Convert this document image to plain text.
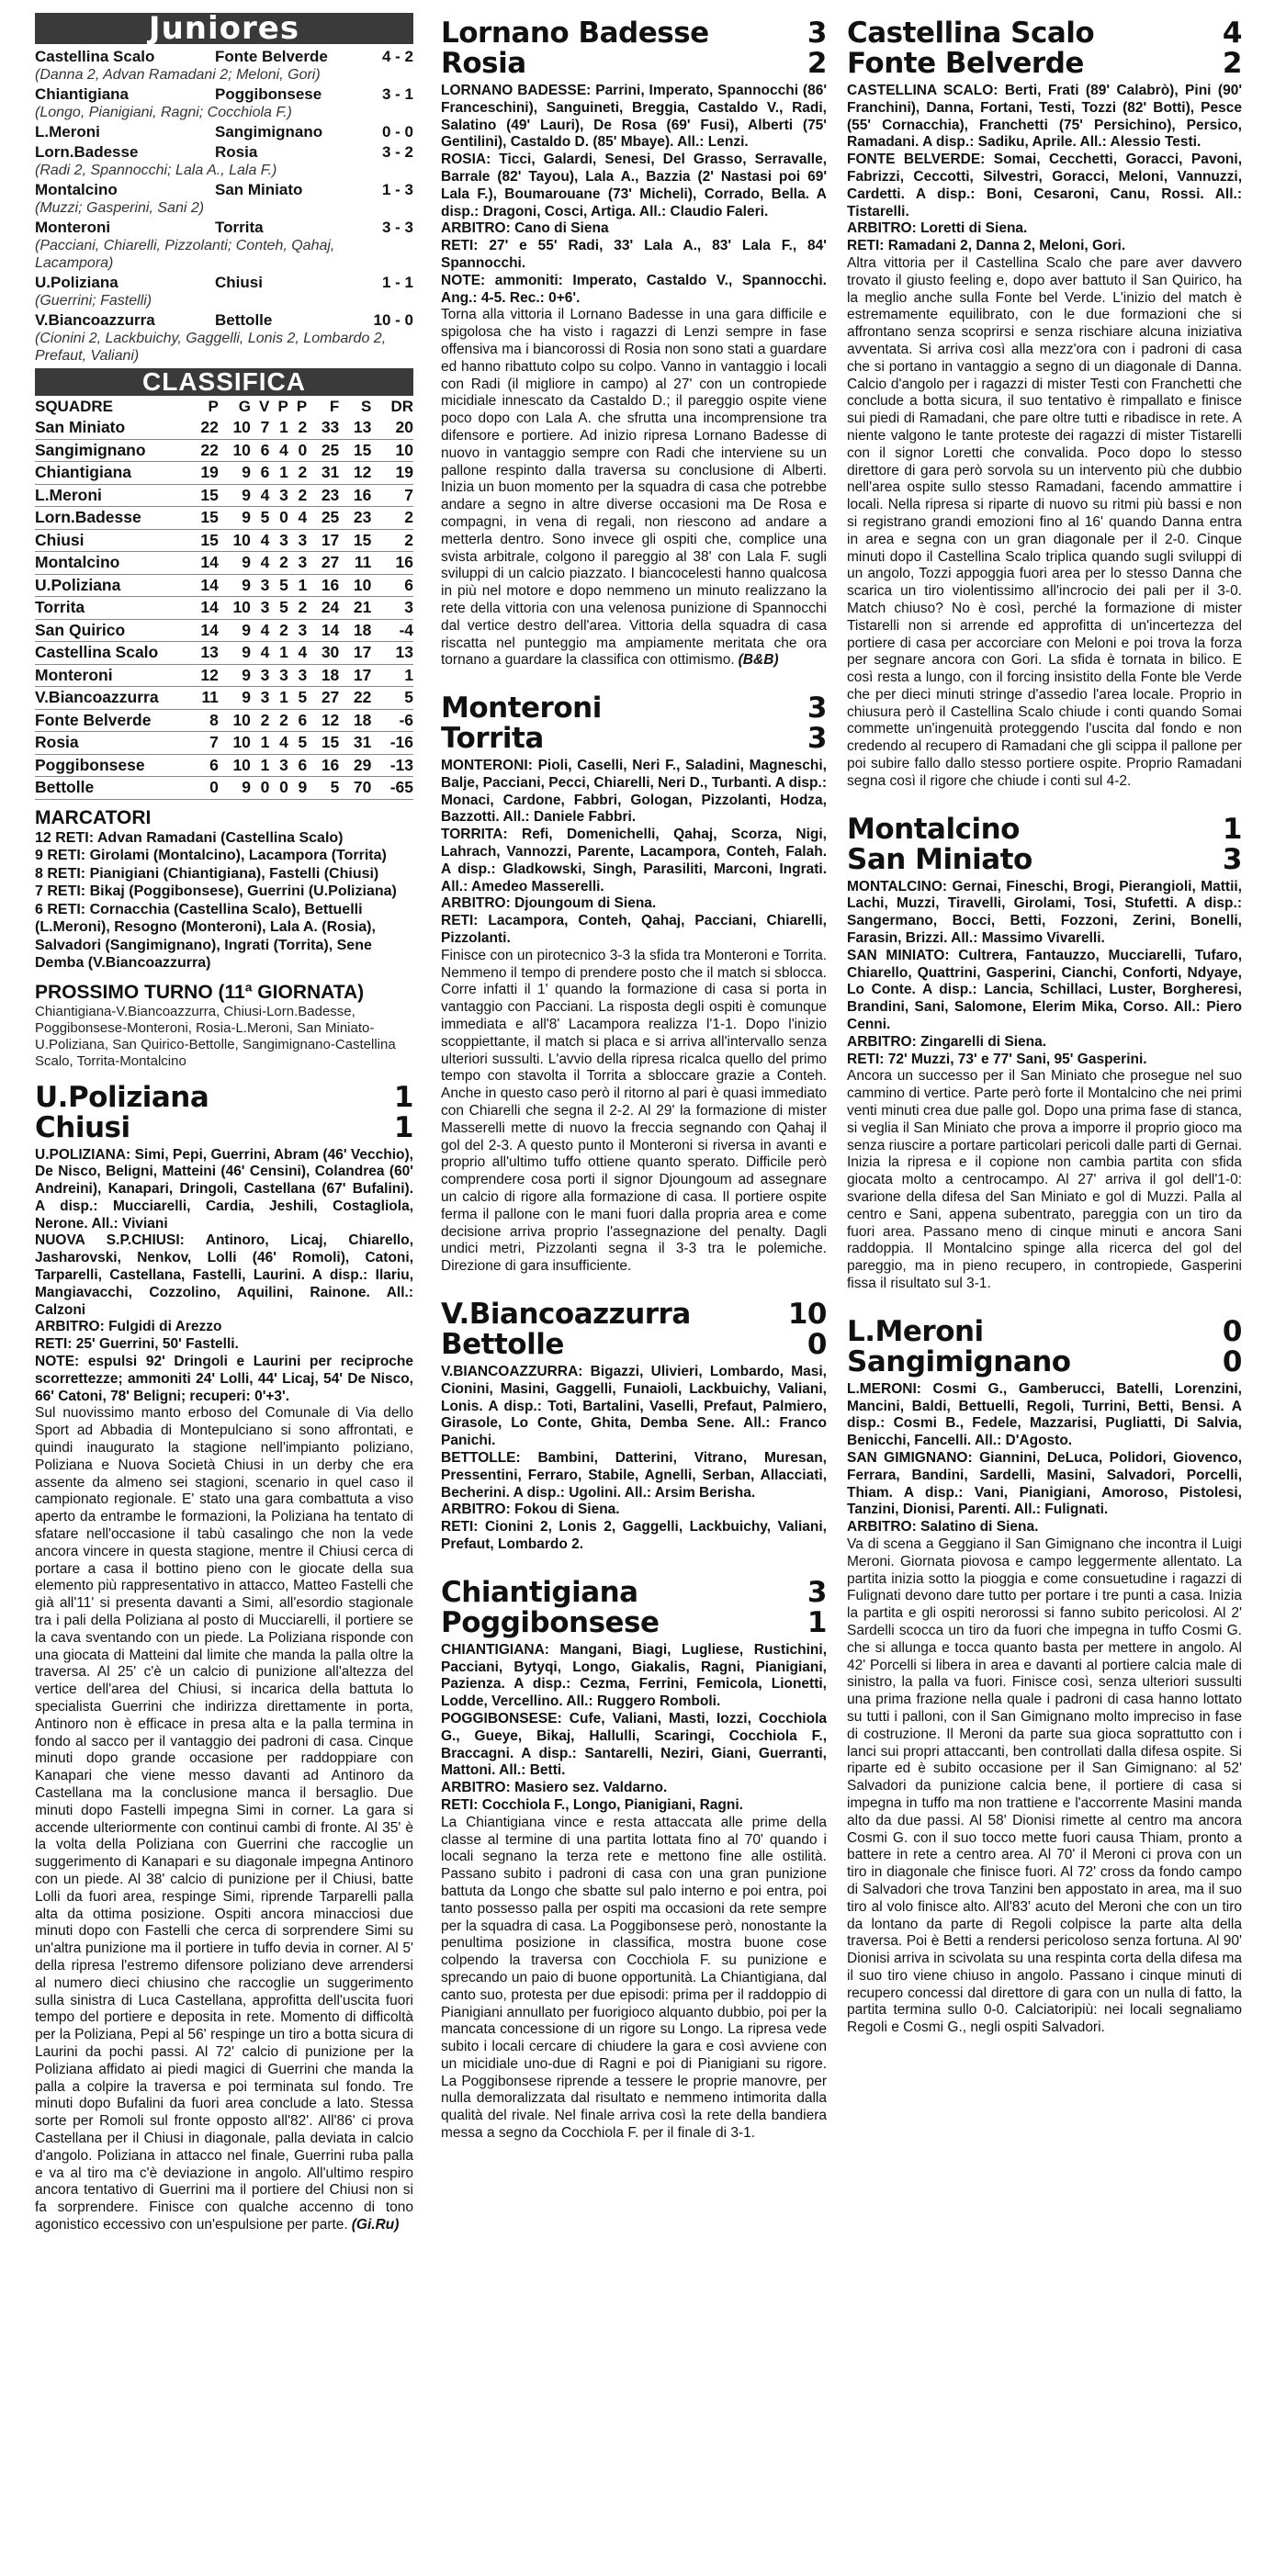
Juniores
Castellina Scalo	Fonte Belverde	4 - 2
(Danna 2, Advan Ramadani 2; Meloni, Gori)
Chiantigiana	Poggibonsese	3 - 1
(Longo, Pianigiani, Ragni; Cocchiola F.)
L.Meroni	Sangimignano	0 - 0
Lorn.Badesse	Rosia	3 - 2
(Radi 2, Spannocchi; Lala A., Lala F.)
Montalcino	San Miniato	1 - 3
(Muzzi; Gasperini, Sani 2)
Monteroni	Torrita	3 - 3
(Pacciani, Chiarelli, Pizzolanti; Conteh, Qahaj, Lacampora)
U.Poliziana	Chiusi	1 - 1
(Guerrini; Fastelli)
V.Biancoazzurra	Bettolle	10 - 0
(Cionini 2, Lackbuichy, Gaggelli, Lonis 2, Lombardo 2, Prefaut, Valiani)
CLASSIFICA
SQUADRE	P	G	V	P	P	F	S	DR
San Miniato	22	10	7	1	2	33	13	20
Sangimignano	22	10	6	4	0	25	15	10
Chiantigiana	19	9	6	1	2	31	12	19
L.Meroni	15	9	4	3	2	23	16	7
Lorn.Badesse	15	9	5	0	4	25	23	2
Chiusi	15	10	4	3	3	17	15	2
Montalcino	14	9	4	2	3	27	11	16
U.Poliziana	14	9	3	5	1	16	10	6
Torrita	14	10	3	5	2	24	21	3
San Quirico	14	9	4	2	3	14	18	-4
Castellina Scalo	13	9	4	1	4	30	17	13
Monteroni	12	9	3	3	3	18	17	1
V.Biancoazzurra	11	9	3	1	5	27	22	5
Fonte Belverde	8	10	2	2	6	12	18	-6
Rosia	7	10	1	4	5	15	31	-16
Poggibonsese	6	10	1	3	6	16	29	-13
Bettolle	0	9	0	0	9	5	70	-65
MARCATORI
12 RETI: Advan Ramadani (Castellina Scalo)
9 RETI: Girolami (Montalcino), Lacampora (Torrita)
8 RETI: Pianigiani (Chiantigiana), Fastelli (Chiusi)
7 RETI: Bikaj (Poggibonsese), Guerrini (U.Poliziana)
6 RETI: Cornacchia (Castellina Scalo), Bettuelli (L.Meroni), Resogno (Monteroni), Lala A. (Rosia), Salvadori (Sangimignano), Ingrati (Torrita), Sene Demba (V.Biancoazzurra)
PROSSIMO TURNO (11ª GIORNATA)
Chiantigiana-V.Biancoazzurra, Chiusi-Lorn.Badesse, Poggibonsese-Monteroni, Rosia-L.Meroni, San Miniato-U.Poliziana, San Quirico-Bettolle, Sangimignano-Castellina Scalo, Torrita-Montalcino
U.Poliziana	1
Chiusi	1
U.POLIZIANA: Simi, Pepi, Guerrini, Abram (46' Vecchio), De Nisco, Beligni, Matteini (46' Censini), Colandrea (60' Andreini), Kanapari, Dringoli, Castellana (67' Bufalini). A disp.: Mucciarelli, Cardia, Jeshili, Costagliola, Nerone. All.: Viviani
NUOVA S.P.CHIUSI: Antinoro, Licaj, Chiarello, Jasharovski, Nenkov, Lolli (46' Romoli), Catoni, Tarparelli, Castellana, Fastelli, Laurini. A disp.: Ilariu, Mangiavacchi, Cozzolino, Aquilini, Rainone. All.: Calzoni
ARBITRO: Fulgidi di Arezzo
RETI: 25' Guerrini, 50' Fastelli.
NOTE: espulsi 92' Dringoli e Laurini per reciproche scorrettezze; ammoniti 24' Lolli, 44' Licaj, 54' De Nisco, 66' Catoni, 78' Beligni; recuperi: 0'+3'.
Sul nuovissimo manto erboso del Comunale di Via dello Sport ad Abbadia di Montepulciano si sono affrontati, e quindi inaugurato la stagione nell'impianto poliziano, Poliziana e Nuova Società Chiusi in un derby che era assente da almeno sei stagioni, scenario in quel caso il campionato regionale. E' stato una gara combattuta a viso aperto da entrambe le formazioni, la Poliziana ha tentato di sfatare nell'occasione il tabù casalingo che non la vede ancora vincere in questa stagione, mentre il Chiusi cerca di portare a casa il bottino pieno con le giocate della sua elemento più rappresentativo in attacco, Matteo Fastelli che già all'11' si presenta davanti a Simi, all'esordio stagionale tra i pali della Poliziana al posto di Mucciarelli, il portiere se la cava sventando con un piede. La Poliziana risponde con una giocata di Matteini dal limite che manda la palla oltre la traversa. Al 25' c'è un calcio di punizione all'altezza del vertice dell'area del Chiusi, si incarica della battuta lo specialista Guerrini che indirizza direttamente in porta, Antinoro non è efficace in presa alta e la palla termina in fondo al sacco per il vantaggio dei padroni di casa. Cinque minuti dopo grande occasione per raddoppiare con Kanapari che viene messo davanti ad Antinoro da Castellana ma la conclusione manca il bersaglio. Due minuti dopo Fastelli impegna Simi in corner. La gara si accende ulteriormente con continui cambi di fronte. Al 35' è la volta della Poliziana con Guerrini che raccoglie un suggerimento di Kanapari e su diagonale impegna Antinoro con un piede. Al 38' calcio di punizione per il Chiusi, batte Lolli da fuori area, respinge Simi, riprende Tarparelli palla alta da ottima posizione. Ospiti ancora minacciosi due minuti dopo con Fastelli che cerca di sorprendere Simi su un'altra punizione ma il portiere in tuffo devia in corner. Al 5' della ripresa l'estremo difensore poliziano deve arrendersi al numero dieci chiusino che raccoglie un suggerimento sulla sinistra di Luca Castellana, approfitta dell'uscita fuori tempo del portiere e deposita in rete. Momento di difficoltà per la Poliziana, Pepi al 56' respinge un tiro a botta sicura di Laurini da pochi passi. Al 72' calcio di punizione per la Poliziana affidato ai piedi magici di Guerrini che manda la palla a colpire la traversa e poi terminata sul fondo. Tre minuti dopo Bufalini da fuori area conclude a lato. Stessa sorte per Romoli sul fronte opposto all'82'. All'86' ci prova Castellana per il Chiusi in diagonale, palla deviata in calcio d'angolo. Poliziana in attacco nel finale, Guerrini ruba palla e va al tiro ma c'è deviazione in angolo. All'ultimo respiro ancora tentativo di Guerrini ma il portiere del Chiusi non si fa sorprendere. Finisce con qualche accenno di tono agonistico eccessivo con un'espulsione per parte. (Gi.Ru)
Lornano Badesse	3
Rosia	2
LORNANO BADESSE: Parrini, Imperato, Spannocchi (86' Franceschini), Sanguineti, Breggia, Castaldo V., Radi, Salatino (49' Lauri), De Rosa (69' Fusi), Alberti (75' Gentilini), Castaldo D. (85' Mbaye). All.: Lenzi.
ROSIA: Ticci, Galardi, Senesi, Del Grasso, Serravalle, Barrale (82' Tayou), Lala A., Bazzia (2' Nastasi poi 69' Lala F.), Boumarouane (73' Micheli), Corrado, Bella. A disp.: Dragoni, Cosci, Artiga. All.: Claudio Faleri.
ARBITRO: Cano di Siena
RETI: 27' e 55' Radi, 33' Lala A., 83' Lala F., 84' Spannocchi.
NOTE: ammoniti: Imperato, Castaldo V., Spannocchi. Ang.: 4-5. Rec.: 0+6'.
Torna alla vittoria il Lornano Badesse in una gara difficile e spigolosa che ha visto i ragazzi di Lenzi sempre in fase offensiva ma i biancorossi di Rosia non sono stati a guardare ed hanno ribattuto colpo su colpo. Vanno in vantaggio i locali con Radi (il migliore in campo) al 27' con un contropiede micidiale innescato da Castaldo D.; il pareggio ospite viene poco dopo con Lala A. che sfrutta una incomprensione tra difensore e portiere. Ad inizio ripresa Lornano Badesse di nuovo in vantaggio sempre con Radi che interviene su un pallone respinto dalla traversa su conclusione di Alberti. Inizia un buon momento per la squadra di casa che potrebbe andare a segno in altre diverse occasioni ma De Rosa e compagni, in vena di regali, non riescono ad andare a metterla dentro. Sono invece gli ospiti che, complice una svista arbitrale, colgono il pareggio al 38' con Lala F. sugli sviluppi di un calcio piazzato. I biancocelesti hanno qualcosa in più nel motore e dopo nemmeno un minuto realizzano la rete della vittoria con una velenosa punizione di Spannocchi dal vertice destro dell'area. Vittoria della squadra di casa riscatta nel punteggio ma ampiamente meritata che ora tornano a guardare la classifica con ottimismo. (B&B)
Monteroni	3
Torrita	3
MONTERONI: Pioli, Caselli, Neri F., Saladini, Magneschi, Balje, Pacciani, Pecci, Chiarelli, Neri D., Turbanti. A disp.: Monaci, Cardone, Fabbri, Gologan, Pizzolanti, Hodza, Bazzotti. All.: Daniele Fabbri.
TORRITA: Refi, Domenichelli, Qahaj, Scorza, Nigi, Lahrach, Vannozzi, Parente, Lacampora, Conteh, Falah. A disp.: Gladkowski, Singh, Parasiliti, Marconi, Ingrati. All.: Amedeo Masserelli.
ARBITRO: Djoungoum di Siena.
RETI: Lacampora, Conteh, Qahaj, Pacciani, Chiarelli, Pizzolanti.
Finisce con un pirotecnico 3-3 la sfida tra Monteroni e Torrita. Nemmeno il tempo di prendere posto che il match si sblocca. Corre infatti il 1' quando la formazione di casa si porta in vantaggio con Pacciani. La risposta degli ospiti è comunque immediata e all'8' Lacampora realizza l'1-1. Dopo l'inizio scoppiettante, il match si placa e si arriva all'intervallo senza ulteriori sussulti. L'avvio della ripresa ricalca quello del primo tempo con stavolta il Torrita a sbloccare grazie a Conteh. Anche in questo caso però il ritorno al pari è quasi immediato con Chiarelli che segna il 2-2. Al 29' la formazione di mister Masserelli mette di nuovo la freccia segnando con Qahaj il gol del 2-3. A questo punto il Monteroni si riversa in avanti e proprio all'ultimo tuffo ottiene quanto sperato. Difficile però comprendere cosa porti il signor Djoungoum ad assegnare un calcio di rigore alla formazione di casa. Il portiere ospite ferma il pallone con le mani fuori dalla propria area e come decisione arriva proprio l'assegnazione del penalty. Dagli undici metri, Pizzolanti segna il 3-3 tra le polemiche. Direzione di gara insufficiente.
V.Biancoazzurra	10
Bettolle	0
V.BIANCOAZZURRA: Bigazzi, Ulivieri, Lombardo, Masi, Cionini, Masini, Gaggelli, Funaioli, Lackbuichy, Valiani, Lonis. A disp.: Toti, Bartalini, Vaselli, Prefaut, Palmiero, Girasole, Lo Conte, Ghita, Demba Sene. All.: Franco Panichi.
BETTOLLE: Bambini, Datterini, Vitrano, Muresan, Pressentini, Ferraro, Stabile, Agnelli, Serban, Allacciati, Becherini. A disp.: Ugolini. All.: Arsim Berisha.
ARBITRO: Fokou di Siena.
RETI: Cionini 2, Lonis 2, Gaggelli, Lackbuichy, Valiani, Prefaut, Lombardo 2.
Chiantigiana	3
Poggibonsese	1
CHIANTIGIANA: Mangani, Biagi, Lugliese, Rustichini, Pacciani, Bytyqi, Longo, Giakalis, Ragni, Pianigiani, Pazienza. A disp.: Cezma, Ferrini, Femicola, Lionetti, Lodde, Vercellino. All.: Ruggero Romboli.
POGGIBONSESE: Cufe, Valiani, Masti, Iozzi, Cocchiola G., Gueye, Bikaj, Hallulli, Scaringi, Cocchiola F., Braccagni. A disp.: Santarelli, Neziri, Giani, Guerranti, Mattoni. All.: Betti.
ARBITRO: Masiero sez. Valdarno.
RETI: Cocchiola F., Longo, Pianigiani, Ragni.
La Chiantigiana vince e resta attaccata alle prime della classe al termine di una partita lottata fino al 70' quando i locali segnano la terza rete e mettono fine alle ostilità. Passano subito i padroni di casa con una gran punizione battuta da Longo che sbatte sul palo interno e poi entra, poi tanto possesso palla per ospiti ma occasioni da rete sempre per la squadra di casa. La Poggibonsese però, nonostante la penultima posizione in classifica, mostra buone cose colpendo la traversa con Cocchiola F. su punizione e sprecando un paio di buone opportunità. La Chiantigiana, dal canto suo, protesta per due episodi: prima per il raddoppio di Pianigiani annullato per fuorigioco alquanto dubbio, poi per la mancata concessione di un rigore su Longo. La ripresa vede subito i locali cercare di chiudere la gara e così avviene con un micidiale uno-due di Ragni e poi di Pianigiani su rigore. La Poggibonsese riprende a tessere le proprie manovre, per nulla demoralizzata dal risultato e nemmeno intimorita dalla qualità del rivale. Nel finale arriva così la rete della bandiera messa a segno da Cocchiola F. per il finale di 3-1.
Castellina Scalo	4
Fonte Belverde	2
CASTELLINA SCALO: Berti, Frati (89' Calabrò), Pini (90' Franchini), Danna, Fortani, Testi, Tozzi (82' Botti), Pesce (55' Cornacchia), Franchetti (75' Persichino), Persico, Ramadani. A disp.: Sadiku, Aprile. All.: Alessio Testi.
FONTE BELVERDE: Somai, Cecchetti, Goracci, Pavoni, Fabrizzi, Ceccotti, Silvestri, Goracci, Meloni, Vannuzzi, Cardetti. A disp.: Boni, Cesaroni, Canu, Rossi. All.: Tistarelli.
ARBITRO: Loretti di Siena.
RETI: Ramadani 2, Danna 2, Meloni, Gori.
Altra vittoria per il Castellina Scalo che pare aver davvero trovato il giusto feeling e, dopo aver battuto il San Quirico, ha la meglio anche sulla Fonte bel Verde. L'inizio del match è estremamente equilibrato, con le due formazioni che si affrontano senza scoprirsi e senza rischiare alcuna iniziativa avventata. Si arriva così alla mezz'ora con i padroni di casa che si portano in vantaggio a segno di un diagonale di Danna. Calcio d'angolo per i ragazzi di mister Testi con Franchetti che conclude a botta sicura, il suo tentativo è rimpallato e finisce sui piedi di Ramadani, che pare oltre tutti e ribadisce in rete. A niente valgono le tante proteste dei ragazzi di mister Tistarelli con il signor Loretti che convalida. Poco dopo lo stesso direttore di gara però sorvola su un intervento più che dubbio nell'area ospite sullo stesso Ramadani, facendo ammattire i locali. Nella ripresa si riparte di nuovo su ritmi più bassi e non si registrano grandi emozioni fino al 16' quando Danna entra in area e segna con un gran diagonale per il 2-0. Cinque minuti dopo il Castellina Scalo triplica quando sugli sviluppi di un angolo, Tozzi appoggia fuori area per lo stesso Danna che scarica un tiro violentissimo all'incrocio dei pali per il 3-0. Match chiuso? No è così, perché la formazione di mister Tistarelli non si arrende ed approfitta di un'incertezza del portiere di casa per accorciare con Meloni e poi trova la forza per segnare ancora con Gori. La sfida è tornata in bilico. E così resta a lungo, con il forcing insistito della Fonte ble Verde che per dieci minuti stringe d'assedio l'area locale. Proprio in chiusura però il Castellina Scalo chiude i conti quando Somai commette un'ingenuità proteggendo l'uscita dal fondo e non credendo al recupero di Ramadani che gli scippa il pallone per poi subire fallo dallo stesso portiere ospite. Proprio Ramadani segna così il rigore che chiude i conti sul 4-2.
Montalcino	1
San Miniato	3
MONTALCINO: Gernai, Fineschi, Brogi, Pierangioli, Mattii, Lachi, Muzzi, Tiravelli, Girolami, Tosi, Stufetti. A disp.: Sangermano, Bocci, Betti, Fozzoni, Zerini, Bonelli, Farasin, Brizzi. All.: Massimo Vivarelli.
SAN MINIATO: Cultrera, Fantauzzo, Mucciarelli, Tufaro, Chiarello, Quattrini, Gasperini, Cianchi, Conforti, Ndyaye, Lo Conte. A disp.: Lancia, Schillaci, Luster, Borgheresi, Brandini, Sani, Salomone, Elerim Mika, Corso. All.: Piero Cenni.
ARBITRO: Zingarelli di Siena.
RETI: 72' Muzzi, 73' e 77' Sani, 95' Gasperini.
Ancora un successo per il San Miniato che prosegue nel suo cammino di vertice. Parte però forte il Montalcino che nei primi venti minuti crea due palle gol. Dopo una prima fase di stanca, si veglia il San Miniato che prova a imporre il proprio gioco ma senza riuscire a portare particolari pericoli dalle parti di Gernai. Inizia la ripresa e il copione non cambia partita con sfida giocata molto a centrocampo. Al 27' arriva il gol dell'1-0: svarione della difesa del San Miniato e gol di Muzzi. Palla al centro e Sani, appena subentrato, pareggia con un tiro da fuori area. Passano meno di cinque minuti e ancora Sani raddoppia. Il Montalcino spinge alla ricerca del gol del pareggio, ma in pieno recupero, in contropiede, Gasperini fissa il risultato sul 3-1.
L.Meroni	0
Sangimignano	0
L.MERONI: Cosmi G., Gamberucci, Batelli, Lorenzini, Mancini, Baldi, Bettuelli, Regoli, Turrini, Betti, Bensi. A disp.: Cosmi B., Fedele, Mazzarisi, Pugliatti, Di Salvia, Benicchi, Fancelli. All.: D'Agosto.
SAN GIMIGNANO: Giannini, DeLuca, Polidori, Giovenco, Ferrara, Bandini, Sardelli, Masini, Salvadori, Porcelli, Thiam. A disp.: Vani, Pianigiani, Amoroso, Pistolesi, Tanzini, Dionisi, Parenti. All.: Fulignati.
ARBITRO: Salatino di Siena.
Va di scena a Geggiano il San Gimignano che incontra il Luigi Meroni. Giornata piovosa e campo leggermente allentato. La partita inizia sotto la pioggia e come consuetudine i ragazzi di Fulignati devono dare tutto per portare i tre punti a casa. Inizia la partita e gli ospiti nerorossi si fanno subito pericolosi. Al 2' Sardelli scocca un tiro da fuori che impegna in tuffo Cosmi G. che si allunga e tocca quanto basta per mettere in angolo. Al 42' Porcelli si libera in area e davanti al portiere calcia male di sinistro, la palla va fuori. Finisce così, senza ulteriori sussulti una prima frazione nella quale i padroni di casa hanno lottato su tutti i palloni, con il San Gimignano molto impreciso in fase di costruzione. Il Meroni da parte sua gioca soprattutto con i lanci sui propri attaccanti, ben controllati dalla difesa ospite. Si riparte ed è subito occasione per il San Gimignano: al 52' Salvadori da punizione calcia bene, il portiere di casa si impegna in tuffo ma non trattiene e l'accorrente Masini manda alto da due passi. Al 58' Dionisi rimette al centro ma ancora Cosmi G. con il suo tocco mette fuori causa Thiam, pronto a battere in rete a centro area. Al 70' il Meroni ci prova con un tiro in diagonale che finisce fuori. Al 72' cross da fondo campo di Salvadori che trova Tanzini ben appostato in area, ma il suo tiro al volo finisce alto. All'83' acuto del Meroni che con un tiro da lontano da parte di Regoli colpisce la parte alta della traversa. Poi è Betti a rendersi pericoloso senza fortuna. Al 90' Dionisi arriva in scivolata su una respinta corta della difesa ma il suo tiro viene chiuso in angolo. Passano i cinque minuti di recupero concessi dal direttore di gara con un nulla di fatto, la partita termina sullo 0-0. Calciatoripiù: nei locali segnaliamo Regoli e Cosmi G., negli ospiti Salvadori.
